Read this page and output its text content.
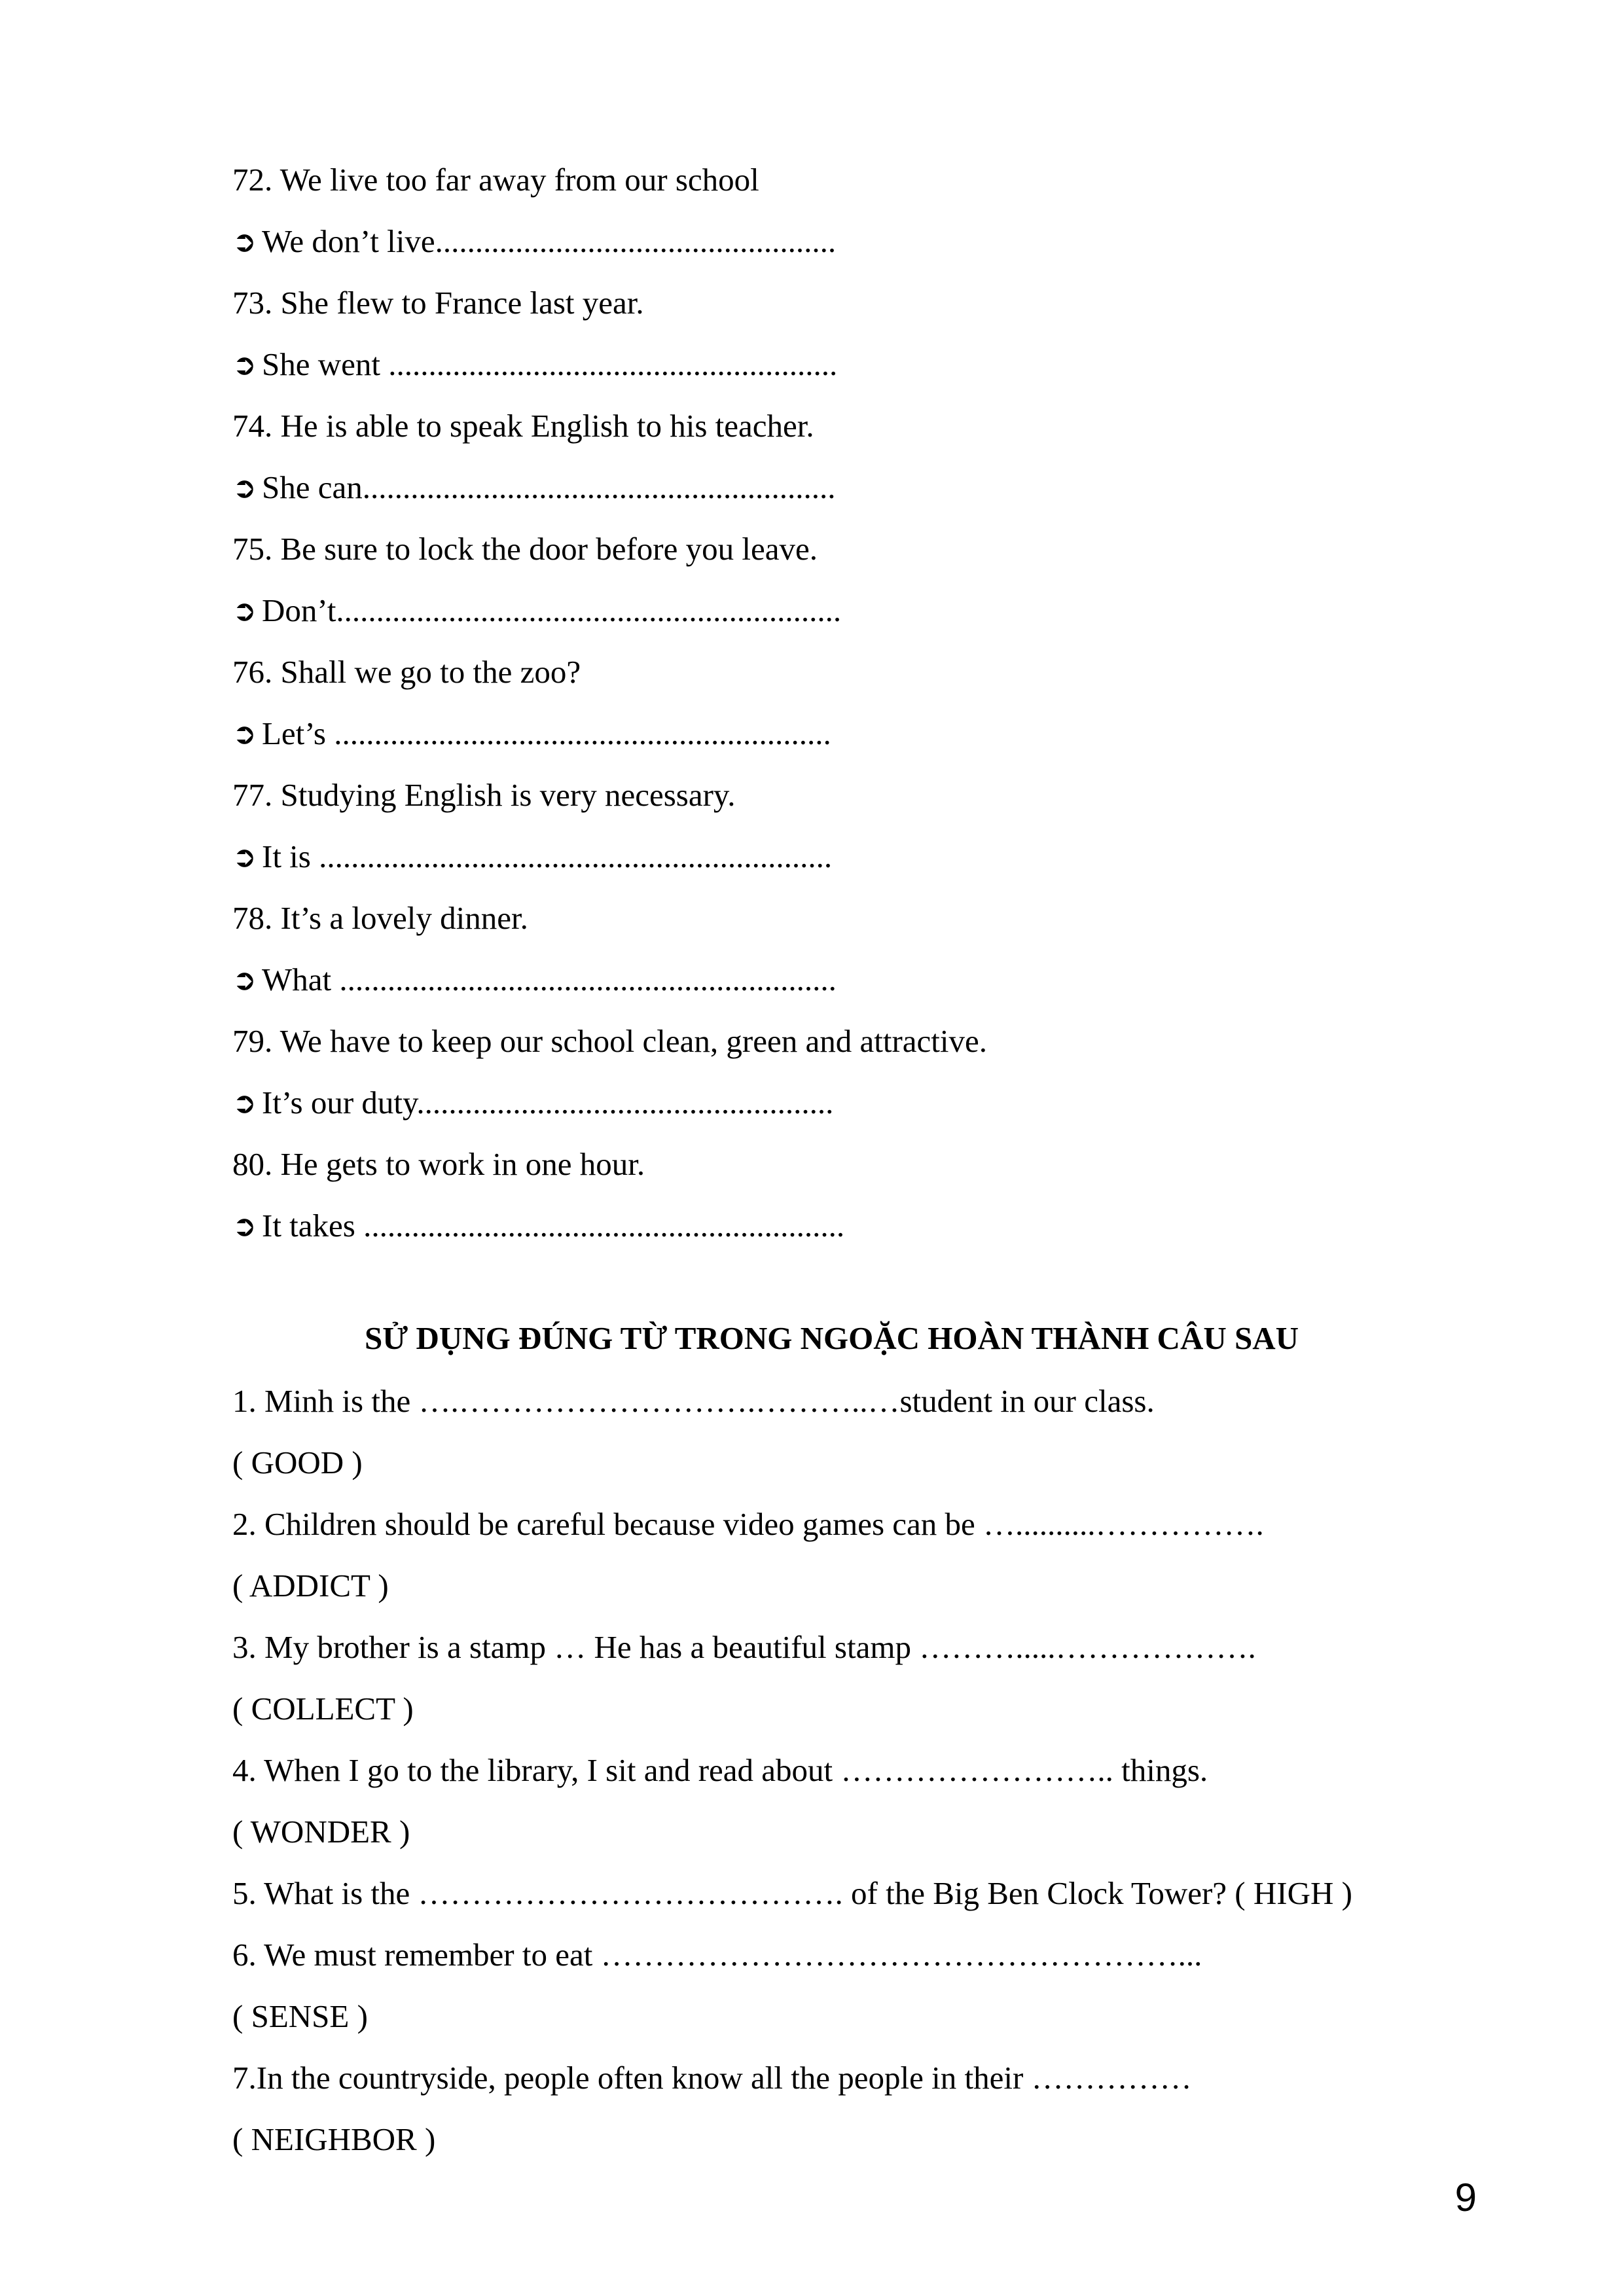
72. We live too far away from our school
➲ We don’t live..................................................
73. She flew to France last year.
➲ She went ........................................................
74. He is able to speak English to his teacher.
➲ She can...........................................................
75. Be sure to lock the door before you leave.
➲ Don’t...............................................................
76. Shall we go to the zoo?
➲ Let’s ..............................................................
77. Studying English is very necessary.
➲ It is ................................................................
78. It’s a lovely dinner.
➲ What ..............................................................
79. We have to keep our school clean, green and attractive.
➲ It’s our duty....................................................
80. He gets to work in one hour.
➲ It takes ............................................................
SỬ DỤNG ĐÚNG TỪ TRONG NGOẶC HOÀN THÀNH CÂU SAU
1. Minh is the ….……………………….………..…student in our class.
( GOOD )
2. Children should be careful because video games can be …..........…………….
( ADDICT )
3. My brother is a stamp … He has a beautiful stamp ……….....……………….
( COLLECT )
4. When I go to the library, I sit and read about …………………….. things.
( WONDER )
5. What is the …………………………………. of the Big Ben Clock Tower? ( HIGH )
6. We must remember to eat ………………………………………………...
( SENSE )
7.In the countryside, people often know all the people in their ……………
( NEIGHBOR )
9
